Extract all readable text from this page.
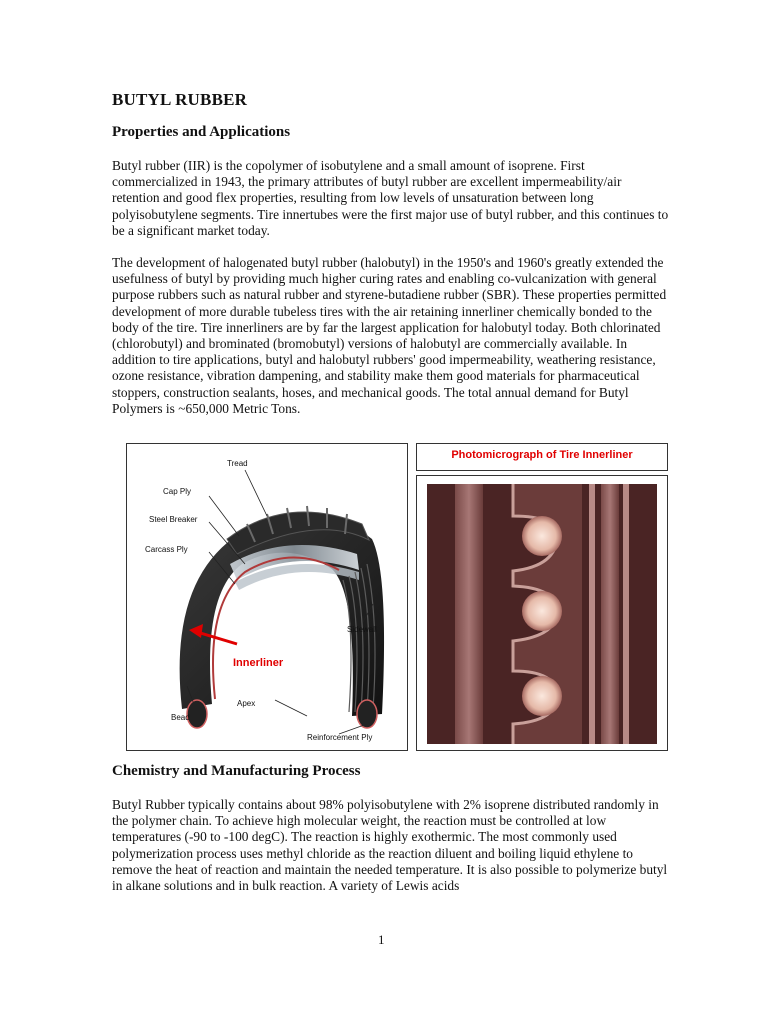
BUTYL RUBBER
Properties and Applications

Butyl rubber (IIR) is the copolymer of isobutylene and a small amount of isoprene. First commercialized in 1943, the primary attributes of butyl rubber are excellent impermeability/air retention and good flex properties, resulting from low levels of unsaturation between long polyisobutylene segments. Tire innertubes were the first major use of butyl rubber, and this continues to be a significant market today.

The development of halogenated butyl rubber (halobutyl) in the 1950's and 1960's greatly extended the usefulness of butyl by providing much higher curing rates and enabling co-vulcanization with general purpose rubbers such as natural rubber and styrene-butadiene rubber (SBR). These properties permitted development of more durable tubeless tires with the air retaining innerliner chemically bonded to the body of the tire. Tire innerliners are by far the largest application for halobutyl today. Both chlorinated (chlorobutyl) and brominated (bromobutyl) versions of halobutyl are commercially available. In addition to tire applications, butyl and halobutyl rubbers' good impermeability, weathering resistance, ozone resistance, vibration dampening, and stability make them good materials for pharmaceutical stoppers, construction sealants, hoses, and mechanical goods. The total annual demand for Butyl Polymers is ~650,000 Metric Tons.

Tread
Cap Ply
Steel Breaker
Carcass Ply
Sidewall
Innerliner
Apex
Bead
Reinforcement Ply
Photomicrograph of Tire Innerliner
Chemistry and Manufacturing Process

Butyl Rubber typically contains about 98% polyisobutylene with 2% isoprene distributed randomly in the polymer chain. To achieve high molecular weight, the reaction must be controlled at low temperatures (-90 to -100 degC). The reaction is highly exothermic. The most commonly used polymerization process uses methyl chloride as the reaction diluent and boiling liquid ethylene to remove the heat of reaction and maintain the needed temperature. It is also possible to polymerize butyl in alkane solutions and in bulk reaction. A variety of Lewis acids

1
